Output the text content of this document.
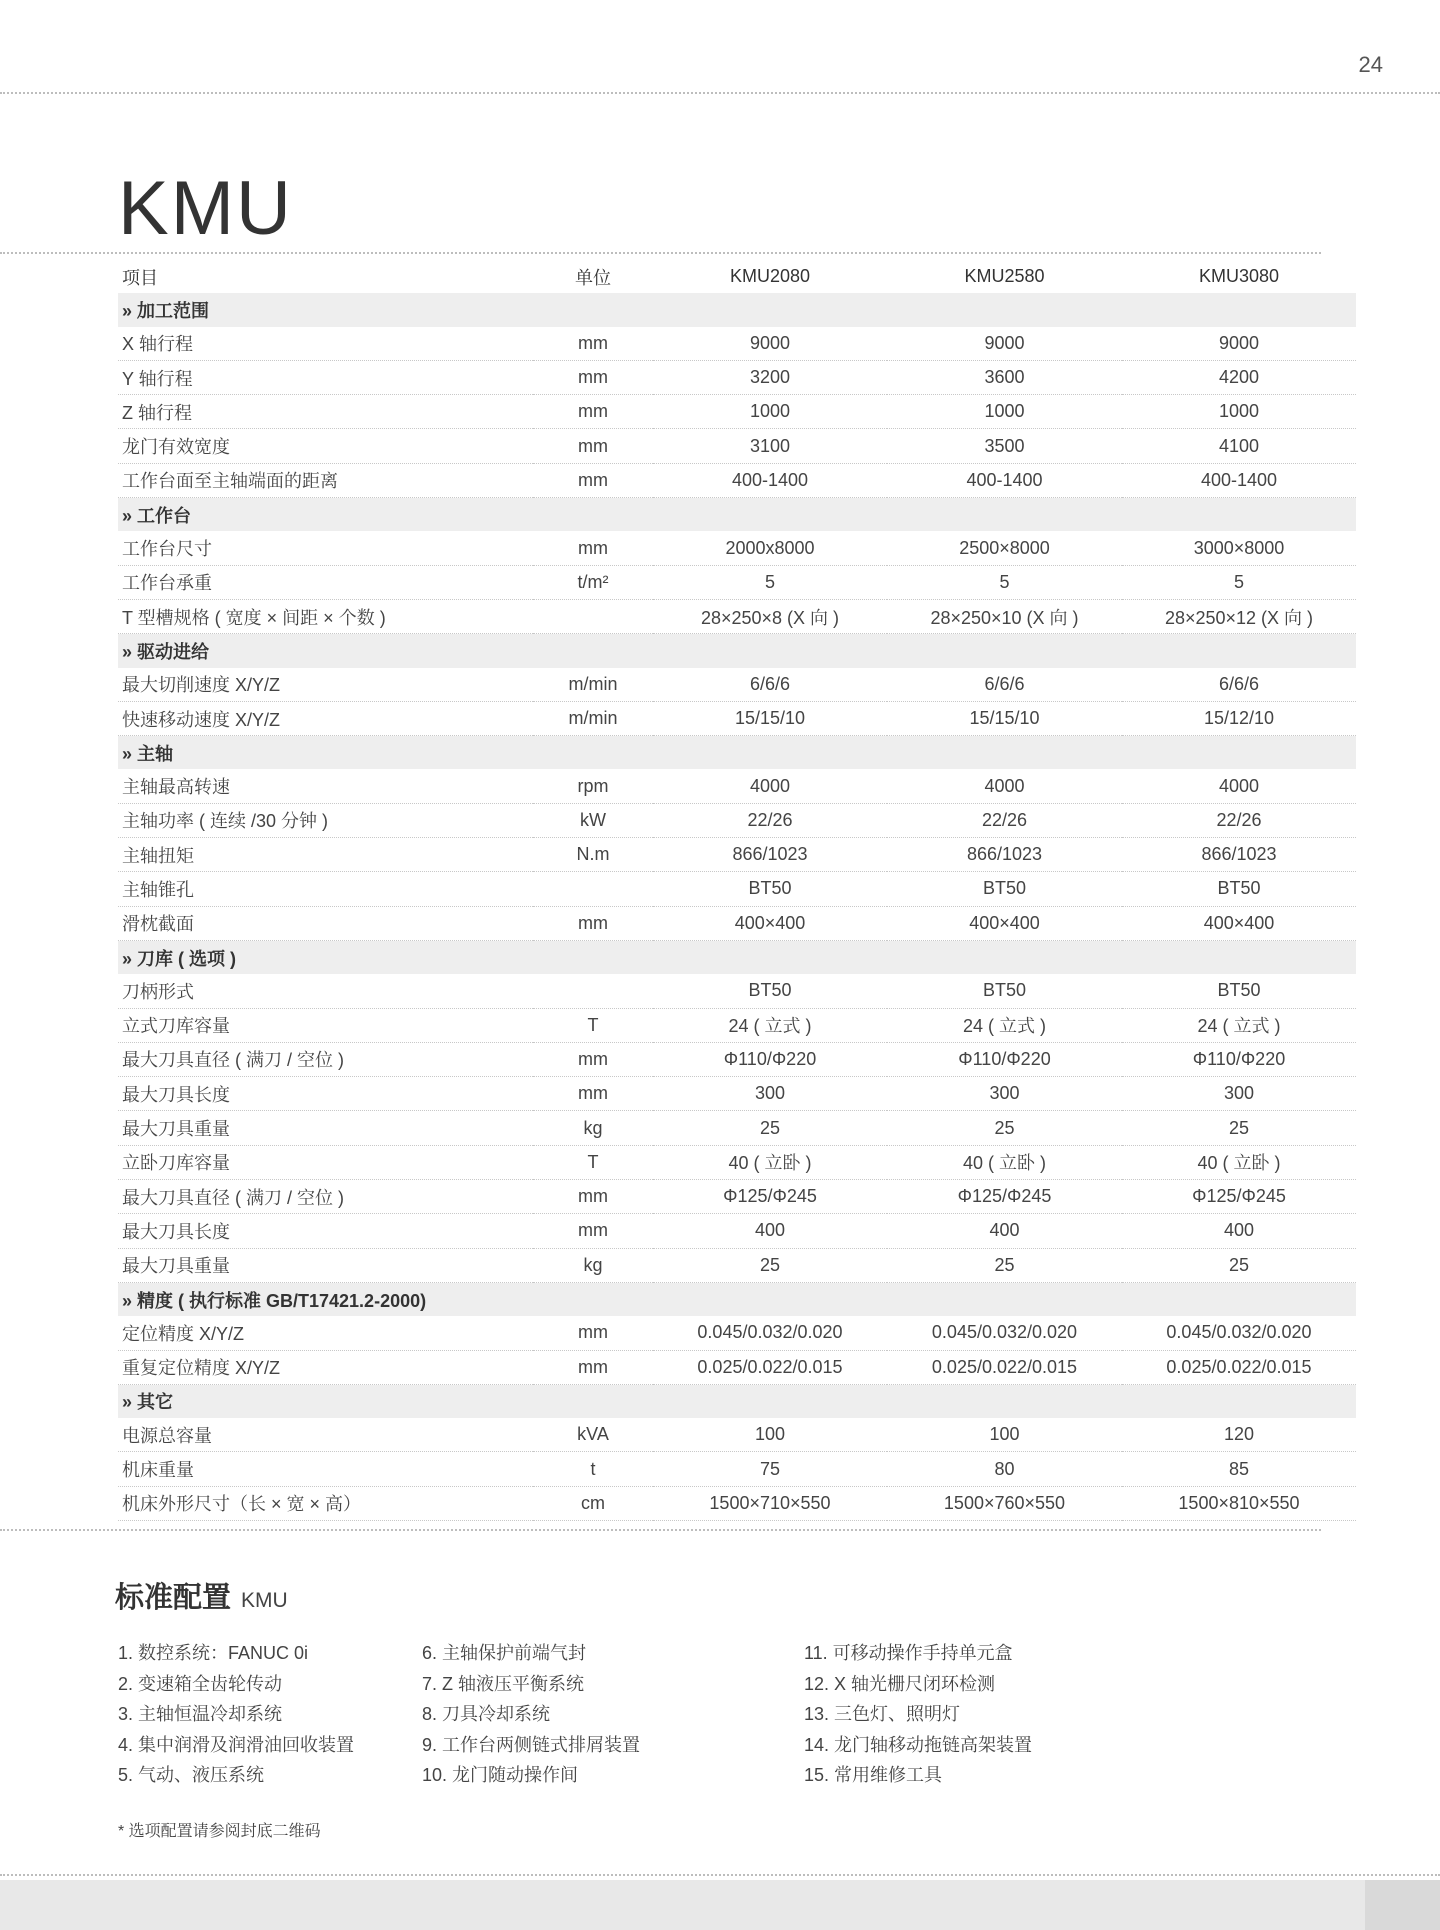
24
KMU
项目	单位	KMU2080	KMU2580	KMU3080
» 加工范围				
X 轴行程	mm	9000	9000	9000
Y 轴行程	mm	3200	3600	4200
Z 轴行程	mm	1000	1000	1000
龙门有效宽度	mm	3100	3500	4100
工作台面至主轴端面的距离	mm	400-1400	400-1400	400-1400
» 工作台				
工作台尺寸	mm	2000x8000	2500×8000	3000×8000
工作台承重	t/m²	5	5	5
T 型槽规格 ( 宽度 × 间距 × 个数 )		28×250×8 (X 向 )	28×250×10 (X 向 )	28×250×12 (X 向 )
» 驱动进给				
最大切削速度 X/Y/Z	m/min	6/6/6	6/6/6	6/6/6
快速移动速度 X/Y/Z	m/min	15/15/10	15/15/10	15/12/10
» 主轴				
主轴最高转速	rpm	4000	4000	4000
主轴功率 ( 连续 /30 分钟 )	kW	22/26	22/26	22/26
主轴扭矩	N.m	866/1023	866/1023	866/1023
主轴锥孔		BT50	BT50	BT50
滑枕截面	mm	400×400	400×400	400×400
» 刀库 ( 选项 )				
刀柄形式		BT50	BT50	BT50
立式刀库容量	T	24 ( 立式 )	24 ( 立式 )	24 ( 立式 )
最大刀具直径 ( 满刀 / 空位 )	mm	Φ110/Φ220	Φ110/Φ220	Φ110/Φ220
最大刀具长度	mm	300	300	300
最大刀具重量	kg	25	25	25
立卧刀库容量	T	40 ( 立卧 )	40 ( 立卧 )	40 ( 立卧 )
最大刀具直径 ( 满刀 / 空位 )	mm	Φ125/Φ245	Φ125/Φ245	Φ125/Φ245
最大刀具长度	mm	400	400	400
最大刀具重量	kg	25	25	25
» 精度 ( 执行标准 GB/T17421.2-2000)				
定位精度 X/Y/Z	mm	0.045/0.032/0.020	0.045/0.032/0.020	0.045/0.032/0.020
重复定位精度 X/Y/Z	mm	0.025/0.022/0.015	0.025/0.022/0.015	0.025/0.022/0.015
» 其它				
电源总容量	kVA	100	100	120
机床重量	t	75	80	85
机床外形尺寸（长 × 宽 × 高）	cm	1500×710×550	1500×760×550	1500×810×550
标准配置 KMU
1. 数控系统：FANUC 0i
2. 变速箱全齿轮传动
3. 主轴恒温冷却系统
4. 集中润滑及润滑油回收装置
5. 气动、液压系统
6. 主轴保护前端气封
7. Z 轴液压平衡系统
8. 刀具冷却系统
9. 工作台两侧链式排屑装置
10. 龙门随动操作间
11. 可移动操作手持单元盒
12. X 轴光栅尺闭环检测
13. 三色灯、照明灯
14. 龙门轴移动拖链高架装置
15. 常用维修工具
* 选项配置请参阅封底二维码
